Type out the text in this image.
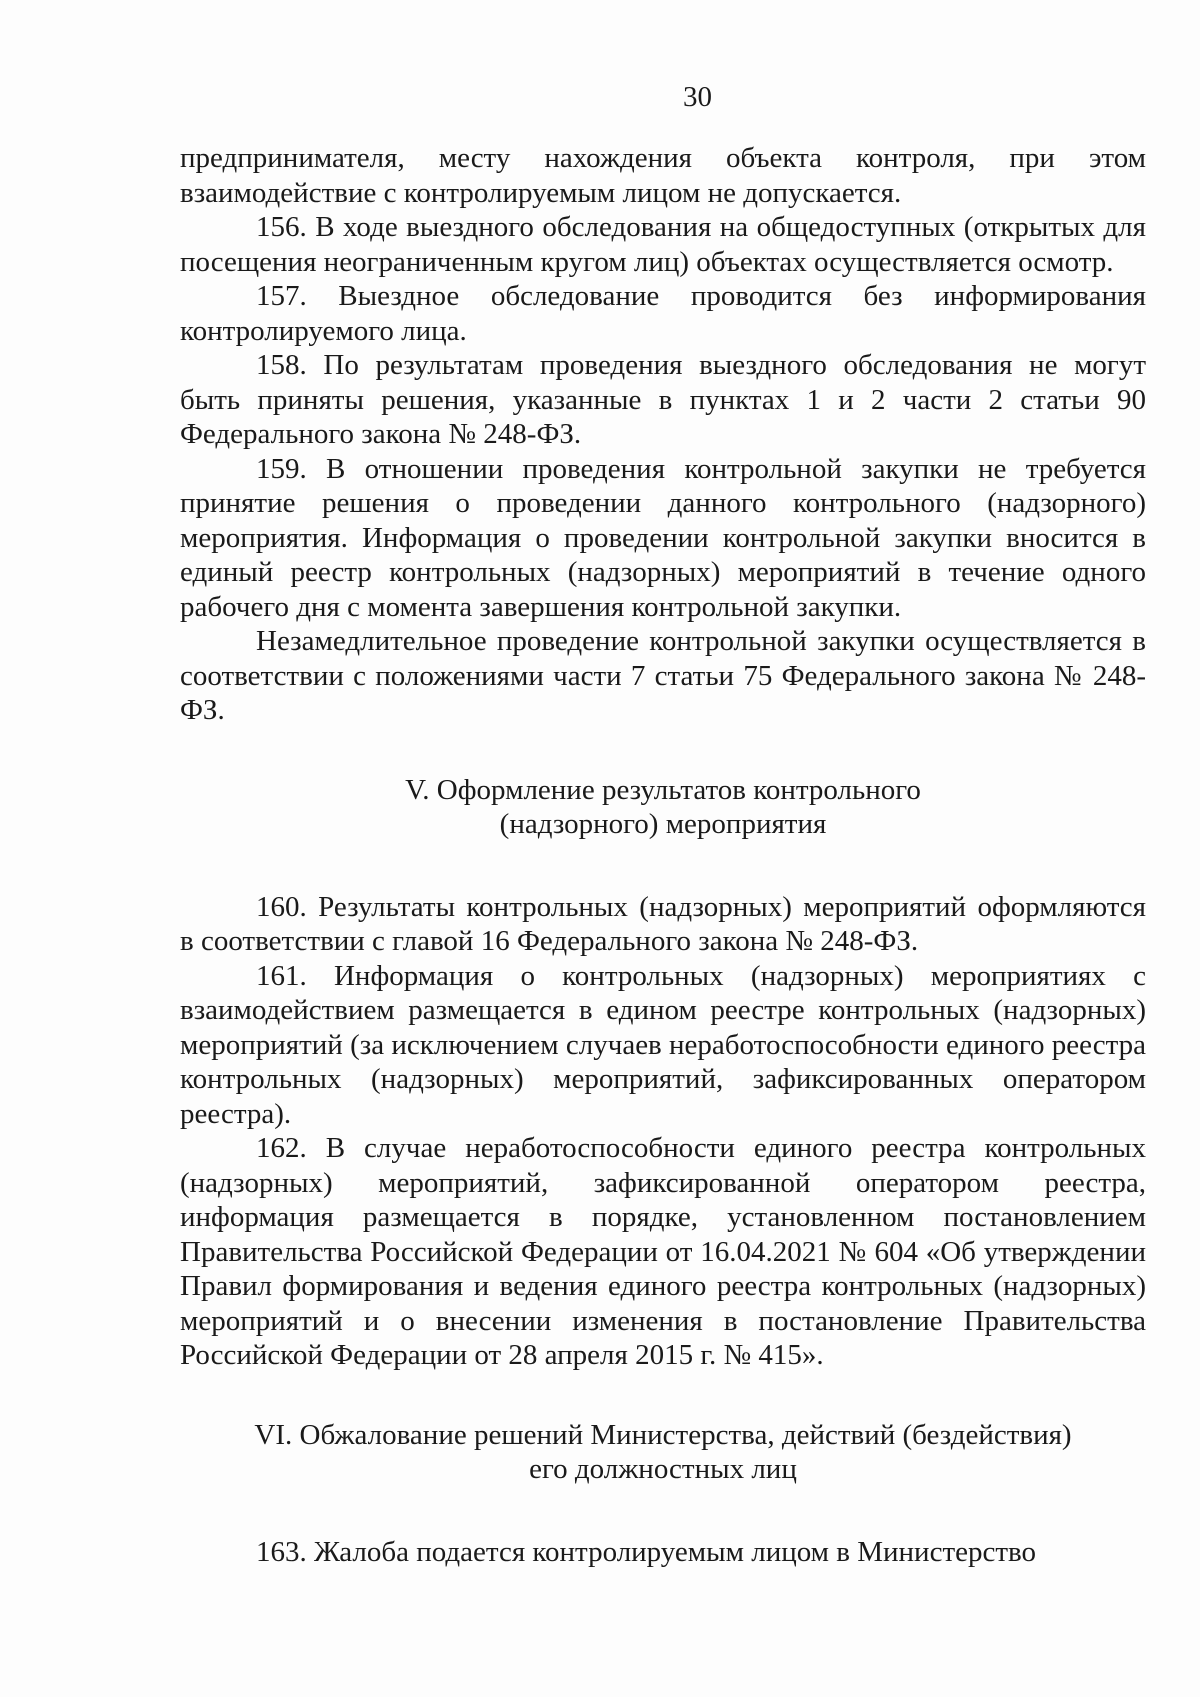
30

предпринимателя, месту нахождения объекта контроля, при этом взаимодействие с контролируемым лицом не допускается.

156. В ходе выездного обследования на общедоступных (открытых для посещения неограниченным кругом лиц) объектах осуществляется осмотр.

157. Выездное обследование проводится без информирования контролируемого лица.

158. По результатам проведения выездного обследования не могут быть приняты решения, указанные в пунктах 1 и 2 части 2 статьи 90 Федерального закона № 248-ФЗ.

159. В отношении проведения контрольной закупки не требуется принятие решения о проведении данного контрольного (надзорного) мероприятия. Информация о проведении контрольной закупки вносится в единый реестр контрольных (надзорных) мероприятий в течение одного рабочего дня с момента завершения контрольной закупки.

Незамедлительное проведение контрольной закупки осуществляется в соответствии с положениями части 7 статьи 75 Федерального закона № 248-ФЗ.

V. Оформление результатов контрольного
(надзорного) мероприятия

160. Результаты контрольных (надзорных) мероприятий оформляются в соответствии с главой 16 Федерального закона № 248-ФЗ.

161. Информация о контрольных (надзорных) мероприятиях с взаимодействием размещается в едином реестре контрольных (надзорных) мероприятий (за исключением случаев неработоспособности единого реестра контрольных (надзорных) мероприятий, зафиксированных оператором реестра).

162. В случае неработоспособности единого реестра контрольных (надзорных) мероприятий, зафиксированной оператором реестра, информация размещается в порядке, установленном постановлением Правительства Российской Федерации от 16.04.2021 № 604 «Об утверждении Правил формирования и ведения единого реестра контрольных (надзорных) мероприятий и о внесении изменения в постановление Правительства Российской Федерации от 28 апреля 2015 г. № 415».

VI. Обжалование решений Министерства, действий (бездействия)
его должностных лиц

163. Жалоба подается контролируемым лицом в Министерство
